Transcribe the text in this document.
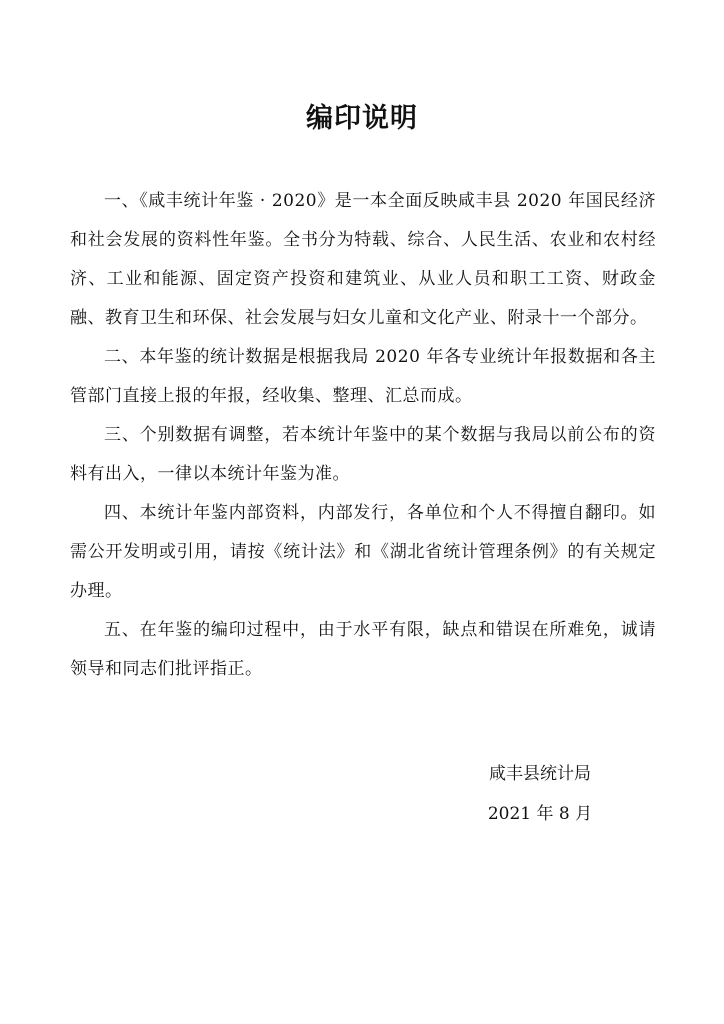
编印说明

一、《咸丰统计年鉴 · 2020》是一本全面反映咸丰县 2020 年国民经济和社会发展的资料性年鉴。全书分为特载、综合、人民生活、农业和农村经济、工业和能源、固定资产投资和建筑业、从业人员和职工工资、财政金融、教育卫生和环保、社会发展与妇女儿童和文化产业、附录十一个部分。

二、本年鉴的统计数据是根据我局 2020 年各专业统计年报数据和各主管部门直接上报的年报，经收集、整理、汇总而成。

三、个别数据有调整，若本统计年鉴中的某个数据与我局以前公布的资料有出入，一律以本统计年鉴为准。

四、本统计年鉴内部资料，内部发行，各单位和个人不得擅自翻印。如需公开发明或引用，请按《统计法》和《湖北省统计管理条例》的有关规定办理。

五、在年鉴的编印过程中，由于水平有限，缺点和错误在所难免，诚请领导和同志们批评指正。

咸丰县统计局
2021 年 8 月
